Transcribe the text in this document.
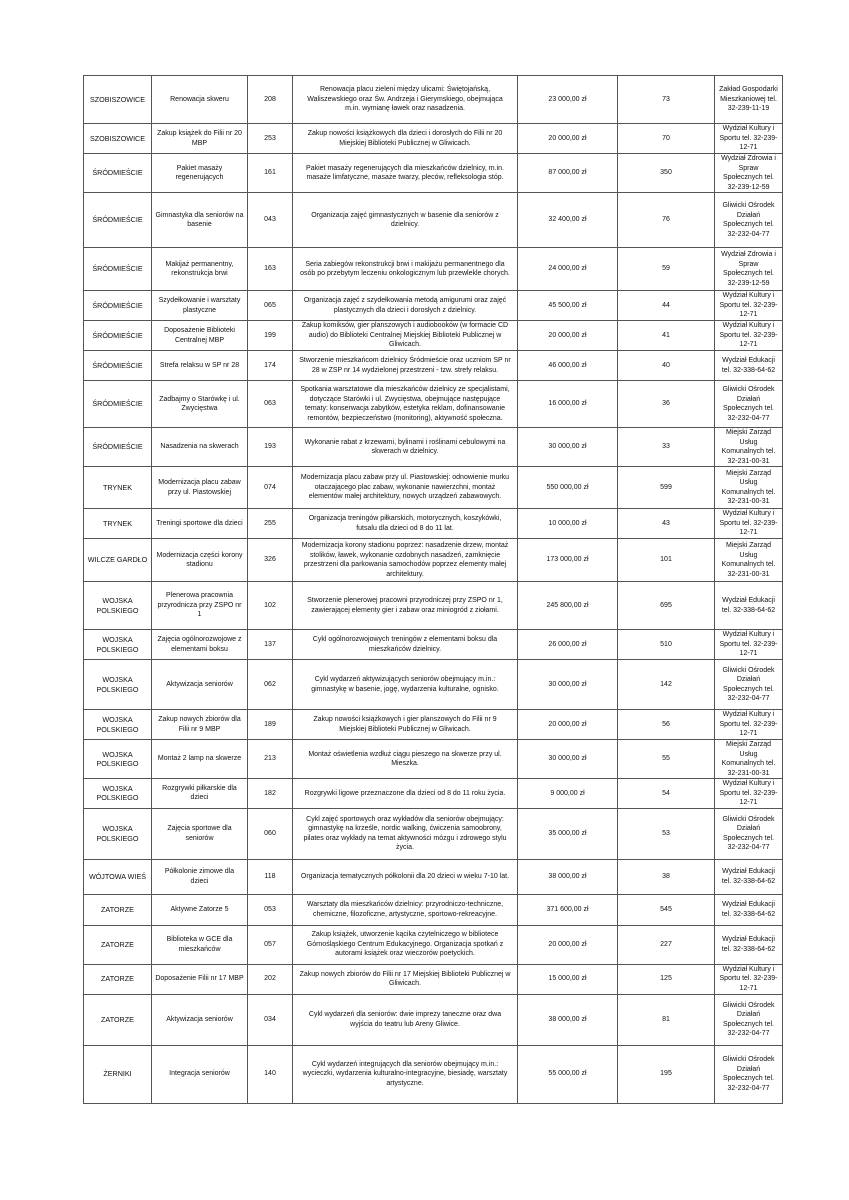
SZOBISZOWICE	Renowacja skweru	208	Renowacja placu zieleni między ulicami: Świętojańską, Waliszewskiego oraz Św. Andrzeja i Gierymskiego, obejmująca m.in. wymianę ławek oraz nasadzenia.	23 000,00 zł	73	Zakład Gospodarki Mieszkaniowej tel. 32-239-11-19
SZOBISZOWICE	Zakup książek do Filii nr 20 MBP	253	Zakup nowości książkowych dla dzieci i dorosłych do Filii nr 20 Miejskiej Biblioteki Publicznej w Gliwicach.	20 000,00 zł	70	Wydział Kultury i Sportu tel. 32-239-12-71
ŚRÓDMIEŚCIE	Pakiet masaży regenerujących	161	Pakiet masaży regenerujących dla mieszkańców dzielnicy, m.in. masaże limfatyczne, masaże twarzy, pleców, refleksologia stóp.	87 000,00 zł	350	Wydział Zdrowia i Spraw Społecznych tel. 32-239-12-59
ŚRÓDMIEŚCIE	Gimnastyka dla seniorów na basenie	043	Organizacja zajęć gimnastycznych w basenie dla seniorów z dzielnicy.	32 400,00 zł	76	Gliwicki Ośrodek Działań Społecznych tel. 32-232-04-77
ŚRÓDMIEŚCIE	Makijaż permanentny, rekonstrukcja brwi	163	Seria zabiegów rekonstrukcji brwi i makijażu permanentnego dla osób po przebytym leczeniu onkologicznym lub przewlekle chorych.	24 000,00 zł	59	Wydział Zdrowia i Spraw Społecznych tel. 32-239-12-59
ŚRÓDMIEŚCIE	Szydełkowanie i warsztaty plastyczne	065	Organizacja zajęć z szydełkowania metodą amigurumi oraz zajęć plastycznych dla dzieci i dorosłych z dzielnicy.	45 500,00 zł	44	Wydział Kultury i Sportu tel. 32-239-12-71
ŚRÓDMIEŚCIE	Doposażenie Biblioteki Centralnej MBP	199	Zakup komiksów, gier planszowych i audiobooków (w formacie CD audio) do Biblioteki Centralnej Miejskiej Biblioteki Publicznej w Gliwicach.	20 000,00 zł	41	Wydział Kultury i Sportu tel. 32-239-12-71
ŚRÓDMIEŚCIE	Strefa relaksu w SP nr 28	174	Stworzenie mieszkańcom dzielnicy Śródmieście oraz uczniom SP nr 28 w ZSP nr 14 wydzielonej przestrzeni - tzw. strefy relaksu.	46 000,00 zł	40	Wydział Edukacji tel. 32-338-64-62
ŚRÓDMIEŚCIE	Zadbajmy o Starówkę i ul. Zwycięstwa	063	Spotkania warsztatowe dla mieszkańców dzielnicy ze specjalistami, dotyczące Starówki i ul. Zwycięstwa, obejmujące następujące tematy: konserwacja zabytków, estetyka reklam, dofinansowanie remontów, bezpieczeństwo (monitoring), aktywność społeczna.	16 000,00 zł	36	Gliwicki Ośrodek Działań Społecznych tel. 32-232-04-77
ŚRÓDMIEŚCIE	Nasadzenia na skwerach	193	Wykonanie rabat z krzewami, bylinami i roślinami cebulowymi na skwerach w dzielnicy.	30 000,00 zł	33	Miejski Zarząd Usług Komunalnych tel. 32-231-00-31
TRYNEK	Modernizacja placu zabaw przy ul. Piastowskiej	074	Modernizacja placu zabaw przy ul. Piastowskiej: odnowienie murku otaczającego plac zabaw, wykonanie nawierzchni, montaż elementów małej architektury, nowych urządzeń zabawowych.	550 000,00 zł	599	Miejski Zarząd Usług Komunalnych tel. 32-231-00-31
TRYNEK	Treningi sportowe dla dzieci	255	Organizacja treningów piłkarskich, motorycznych, koszykówki, futsalu dla dzieci od 8 do 11 lat.	10 000,00 zł	43	Wydział Kultury i Sportu tel. 32-239-12-71
WILCZE GARDŁO	Modernizacja części korony stadionu	326	Modernizacja korony stadionu poprzez: nasadzenie drzew, montaż stolików, ławek, wykonanie ozdobnych nasadzeń, zamknięcie przestrzeni dla parkowania samochodów poprzez elementy małej architektury.	173 000,00 zł	101	Miejski Zarząd Usług Komunalnych tel. 32-231-00-31
WOJSKA POLSKIEGO	Plenerowa pracownia przyrodnicza przy ZSPO nr 1	102	Stworzenie plenerowej pracowni przyrodniczej przy ZSPO nr 1, zawierającej elementy gier i zabaw oraz miniogród z ziołami.	245 800,00 zł	695	Wydział Edukacji tel. 32-338-64-62
WOJSKA POLSKIEGO	Zajęcia ogólnorozwojowe z elementami boksu	137	Cykl ogólnorozwojowych treningów z elementami boksu dla mieszkańców dzielnicy.	26 000,00 zł	510	Wydział Kultury i Sportu tel. 32-239-12-71
WOJSKA POLSKIEGO	Aktywizacja seniorów	062	Cykl wydarzeń aktywizujących seniorów obejmujący m.in.: gimnastykę w basenie, jogę, wydarzenia kulturalne, ognisko.	30 000,00 zł	142	Gliwicki Ośrodek Działań Społecznych tel. 32-232-04-77
WOJSKA POLSKIEGO	Zakup nowych zbiorów dla Filii nr 9 MBP	189	Zakup nowości książkowych i gier planszowych do Filii nr 9 Miejskiej Biblioteki Publicznej w Gliwicach.	20 000,00 zł	56	Wydział Kultury i Sportu tel. 32-239-12-71
WOJSKA POLSKIEGO	Montaż 2 lamp na skwerze	213	Montaż oświetlenia wzdłuż ciągu pieszego na skwerze przy ul. Mieszka.	30 000,00 zł	55	Miejski Zarząd Usług Komunalnych tel. 32-231-00-31
WOJSKA POLSKIEGO	Rozgrywki piłkarskie dla dzieci	182	Rozgrywki ligowe przeznaczone dla dzieci od 8 do 11 roku życia.	9 000,00 zł	54	Wydział Kultury i Sportu tel. 32-239-12-71
WOJSKA POLSKIEGO	Zajęcia sportowe dla seniorów	060	Cykl zajęć sportowych oraz wykładów dla seniorów obejmujący: gimnastykę na krześle, nordic walking, ćwiczenia samoobrony, pilates oraz wykłady na temat aktywności mózgu i zdrowego stylu życia.	35 000,00 zł	53	Gliwicki Ośrodek Działań Społecznych tel. 32-232-04-77
WÓJTOWA WIEŚ	Półkolonie zimowe dla dzieci	118	Organizacja tematycznych półkolonii dla 20 dzieci w wieku 7-10 lat.	38 000,00 zł	38	Wydział Edukacji tel. 32-338-64-62
ZATORZE	Aktywne Zatorze 5	053	Warsztaty dla mieszkańców dzielnicy: przyrodniczo-techniczne, chemiczne, filozoficzne, artystyczne, sportowo-rekreacyjne.	371 600,00 zł	545	Wydział Edukacji tel. 32-338-64-62
ZATORZE	Biblioteka w GCE dla mieszkańców	057	Zakup książek, utworzenie kącika czytelniczego w bibliotece Górnośląskiego Centrum Edukacyjnego. Organizacja spotkań z autorami książek oraz wieczorów poetyckich.	20 000,00 zł	227	Wydział Edukacji tel. 32-338-64-62
ZATORZE	Doposażenie Filii nr 17 MBP	202	Zakup nowych zbiorów do Filii nr 17 Miejskiej Biblioteki Publicznej w Gliwicach.	15 000,00 zł	125	Wydział Kultury i Sportu tel. 32-239-12-71
ZATORZE	Aktywizacja seniorów	034	Cykl wydarzeń dla seniorów: dwie imprezy taneczne oraz dwa wyjścia do teatru lub Areny Gliwice.	38 000,00 zł	81	Gliwicki Ośrodek Działań Społecznych tel. 32-232-04-77
ŻERNIKI	Integracja seniorów	140	Cykl wydarzeń integrujących dla seniorów obejmujący m.in.: wycieczki, wydarzenia kulturalno-integracyjne, biesiadę, warsztaty artystyczne.	55 000,00 zł	195	Gliwicki Ośrodek Działań Społecznych tel. 32-232-04-77
